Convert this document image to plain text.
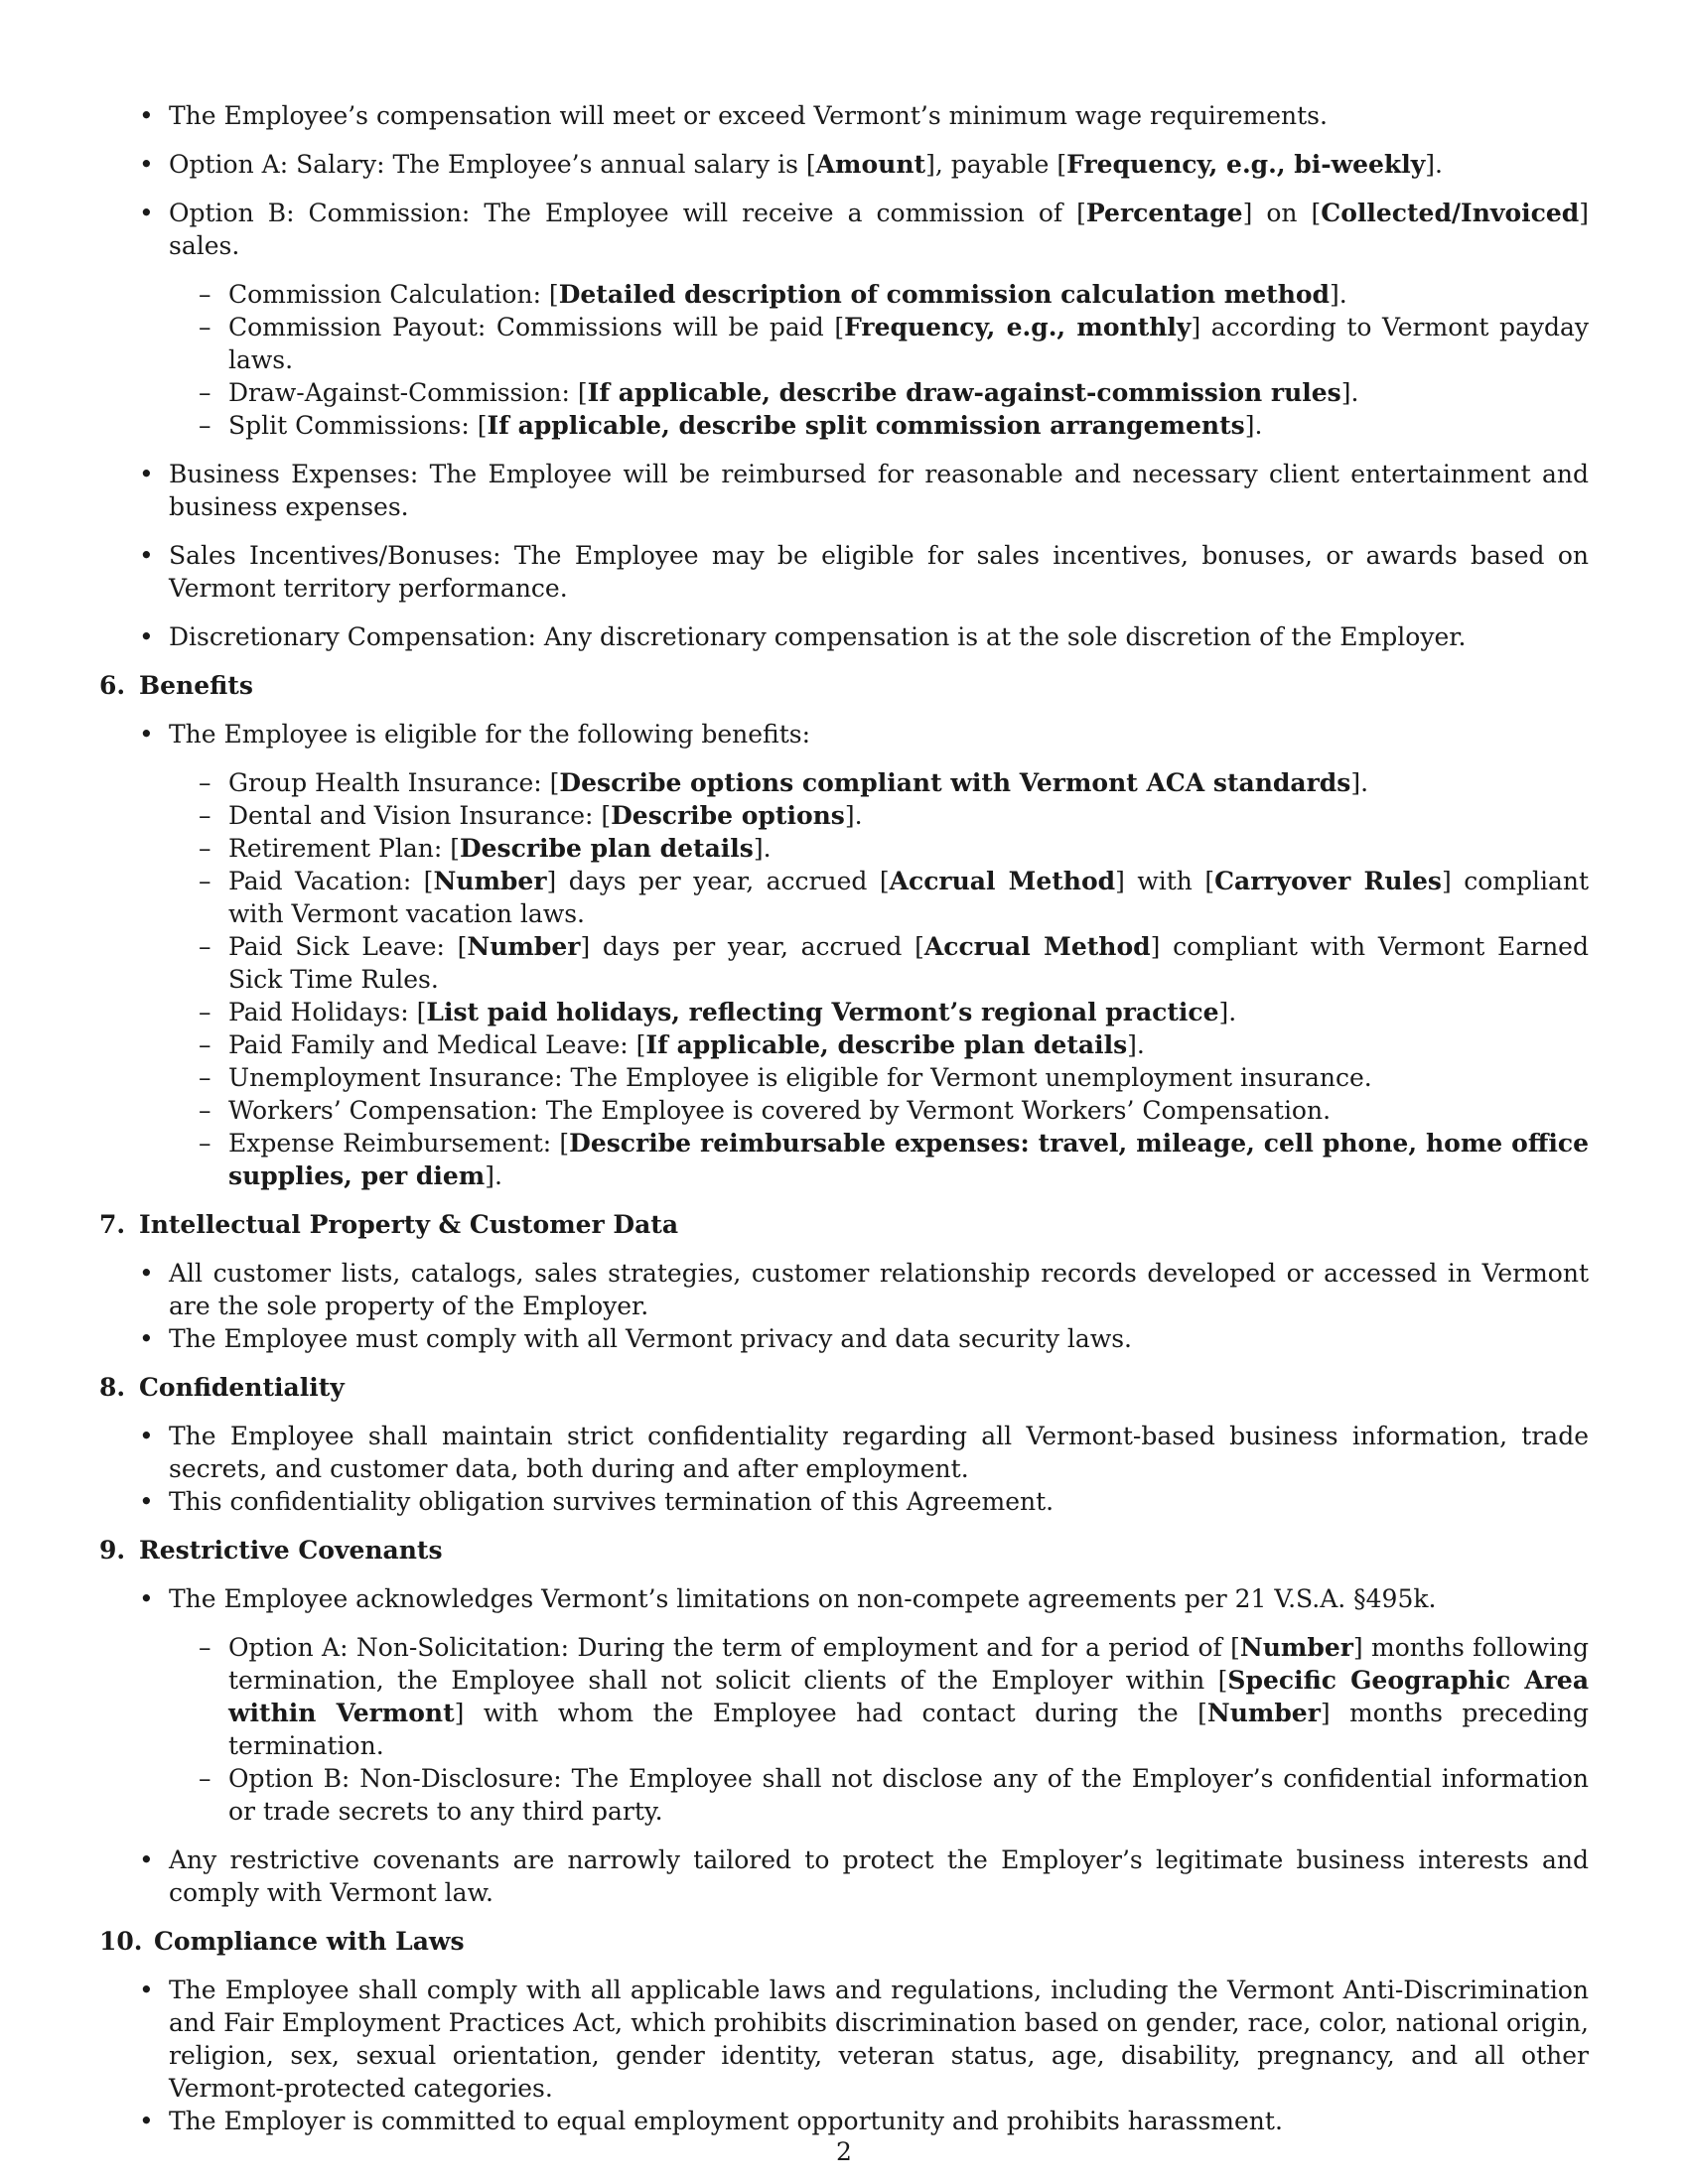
• The Employee’s compensation will meet or exceed Vermont’s minimum wage requirements.
• Option A: Salary: The Employee’s annual salary is [Amount], payable [Frequency, e.g., bi-weekly].
• Option B: Commission: The Employee will receive a commission of [Percentage] on [Collected/Invoiced] sales.
– Commission Calculation: [Detailed description of commission calculation method].
– Commission Payout: Commissions will be paid [Frequency, e.g., monthly] according to Vermont payday laws.
– Draw-Against-Commission: [If applicable, describe draw-against-commission rules].
– Split Commissions: [If applicable, describe split commission arrangements].
• Business Expenses: The Employee will be reimbursed for reasonable and necessary client entertainment and business expenses.
• Sales Incentives/Bonuses: The Employee may be eligible for sales incentives, bonuses, or awards based on Vermont territory performance.
• Discretionary Compensation: Any discretionary compensation is at the sole discretion of the Employer.
6. Benefits
• The Employee is eligible for the following benefits:
– Group Health Insurance: [Describe options compliant with Vermont ACA standards].
– Dental and Vision Insurance: [Describe options].
– Retirement Plan: [Describe plan details].
– Paid Vacation: [Number] days per year, accrued [Accrual Method] with [Carryover Rules] compliant with Vermont vacation laws.
– Paid Sick Leave: [Number] days per year, accrued [Accrual Method] compliant with Vermont Earned Sick Time Rules.
– Paid Holidays: [List paid holidays, reflecting Vermont’s regional practice].
– Paid Family and Medical Leave: [If applicable, describe plan details].
– Unemployment Insurance: The Employee is eligible for Vermont unemployment insurance.
– Workers’ Compensation: The Employee is covered by Vermont Workers’ Compensation.
– Expense Reimbursement: [Describe reimbursable expenses: travel, mileage, cell phone, home office supplies, per diem].
7. Intellectual Property & Customer Data
• All customer lists, catalogs, sales strategies, customer relationship records developed or accessed in Vermont are the sole property of the Employer.
• The Employee must comply with all Vermont privacy and data security laws.
8. Confidentiality
• The Employee shall maintain strict confidentiality regarding all Vermont-based business information, trade secrets, and customer data, both during and after employment.
• This confidentiality obligation survives termination of this Agreement.
9. Restrictive Covenants
• The Employee acknowledges Vermont’s limitations on non-compete agreements per 21 V.S.A. §495k.
– Option A: Non-Solicitation: During the term of employment and for a period of [Number] months following termination, the Employee shall not solicit clients of the Employer within [Specific Geographic Area within Vermont] with whom the Employee had contact during the [Number] months preceding termination.
– Option B: Non-Disclosure: The Employee shall not disclose any of the Employer’s confidential information or trade secrets to any third party.
• Any restrictive covenants are narrowly tailored to protect the Employer’s legitimate business interests and comply with Vermont law.
10. Compliance with Laws
• The Employee shall comply with all applicable laws and regulations, including the Vermont Anti-Discrimination and Fair Employment Practices Act, which prohibits discrimination based on gender, race, color, national origin, religion, sex, sexual orientation, gender identity, veteran status, age, disability, pregnancy, and all other Vermont-protected categories.
• The Employer is committed to equal employment opportunity and prohibits harassment.
2
